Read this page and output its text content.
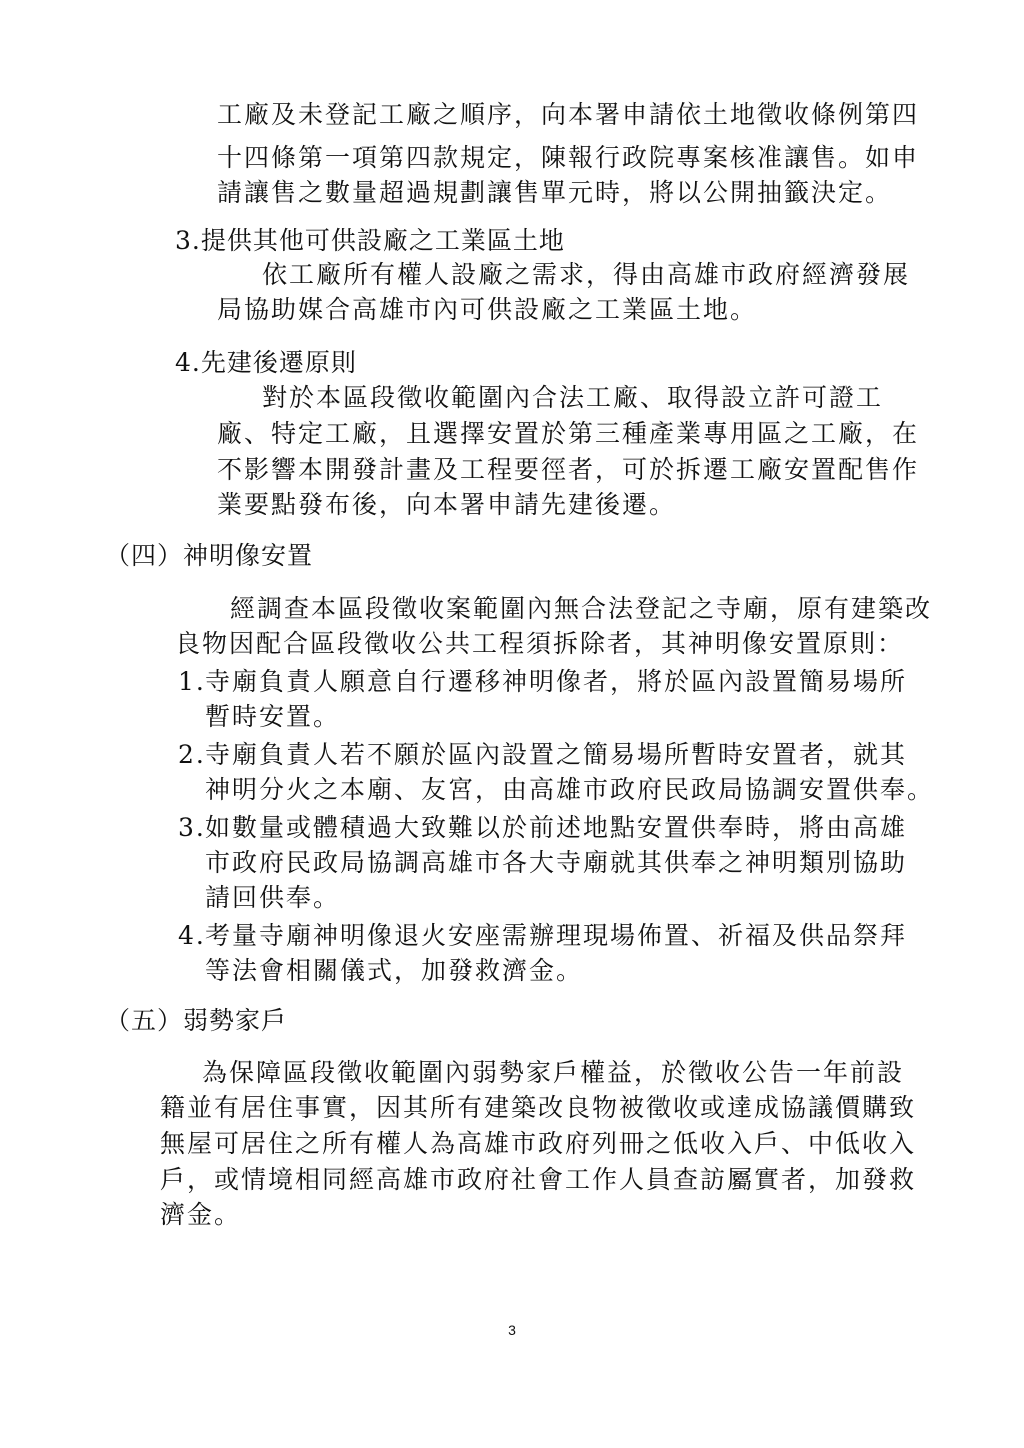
工廠及未登記工廠之順序，向本署申請依土地徵收條例第四
十四條第一項第四款規定，陳報行政院專案核准讓售。如申
請讓售之數量超過規劃讓售單元時，將以公開抽籤決定。
3.提供其他可供設廠之工業區土地
依工廠所有權人設廠之需求，得由高雄市政府經濟發展
局協助媒合高雄市內可供設廠之工業區土地。
4.先建後遷原則
對於本區段徵收範圍內合法工廠、取得設立許可證工
廠、特定工廠，且選擇安置於第三種產業專用區之工廠，在
不影響本開發計畫及工程要徑者，可於拆遷工廠安置配售作
業要點發布後，向本署申請先建後遷。
（四）神明像安置
經調查本區段徵收案範圍內無合法登記之寺廟，原有建築改
良物因配合區段徵收公共工程須拆除者，其神明像安置原則：
1. 寺廟負責人願意自行遷移神明像者，將於區內設置簡易場所
暫時安置。
2. 寺廟負責人若不願於區內設置之簡易場所暫時安置者，就其
神明分火之本廟、友宮，由高雄市政府民政局協調安置供奉。
3. 如數量或體積過大致難以於前述地點安置供奉時，將由高雄
市政府民政局協調高雄市各大寺廟就其供奉之神明類別協助
請回供奉。
4. 考量寺廟神明像退火安座需辦理現場佈置、祈福及供品祭拜
等法會相關儀式，加發救濟金。
（五）弱勢家戶
為保障區段徵收範圍內弱勢家戶權益，於徵收公告一年前設
籍並有居住事實，因其所有建築改良物被徵收或達成協議價購致
無屋可居住之所有權人為高雄市政府列冊之低收入戶、中低收入
戶，或情境相同經高雄市政府社會工作人員查訪屬實者，加發救
濟金。
3
